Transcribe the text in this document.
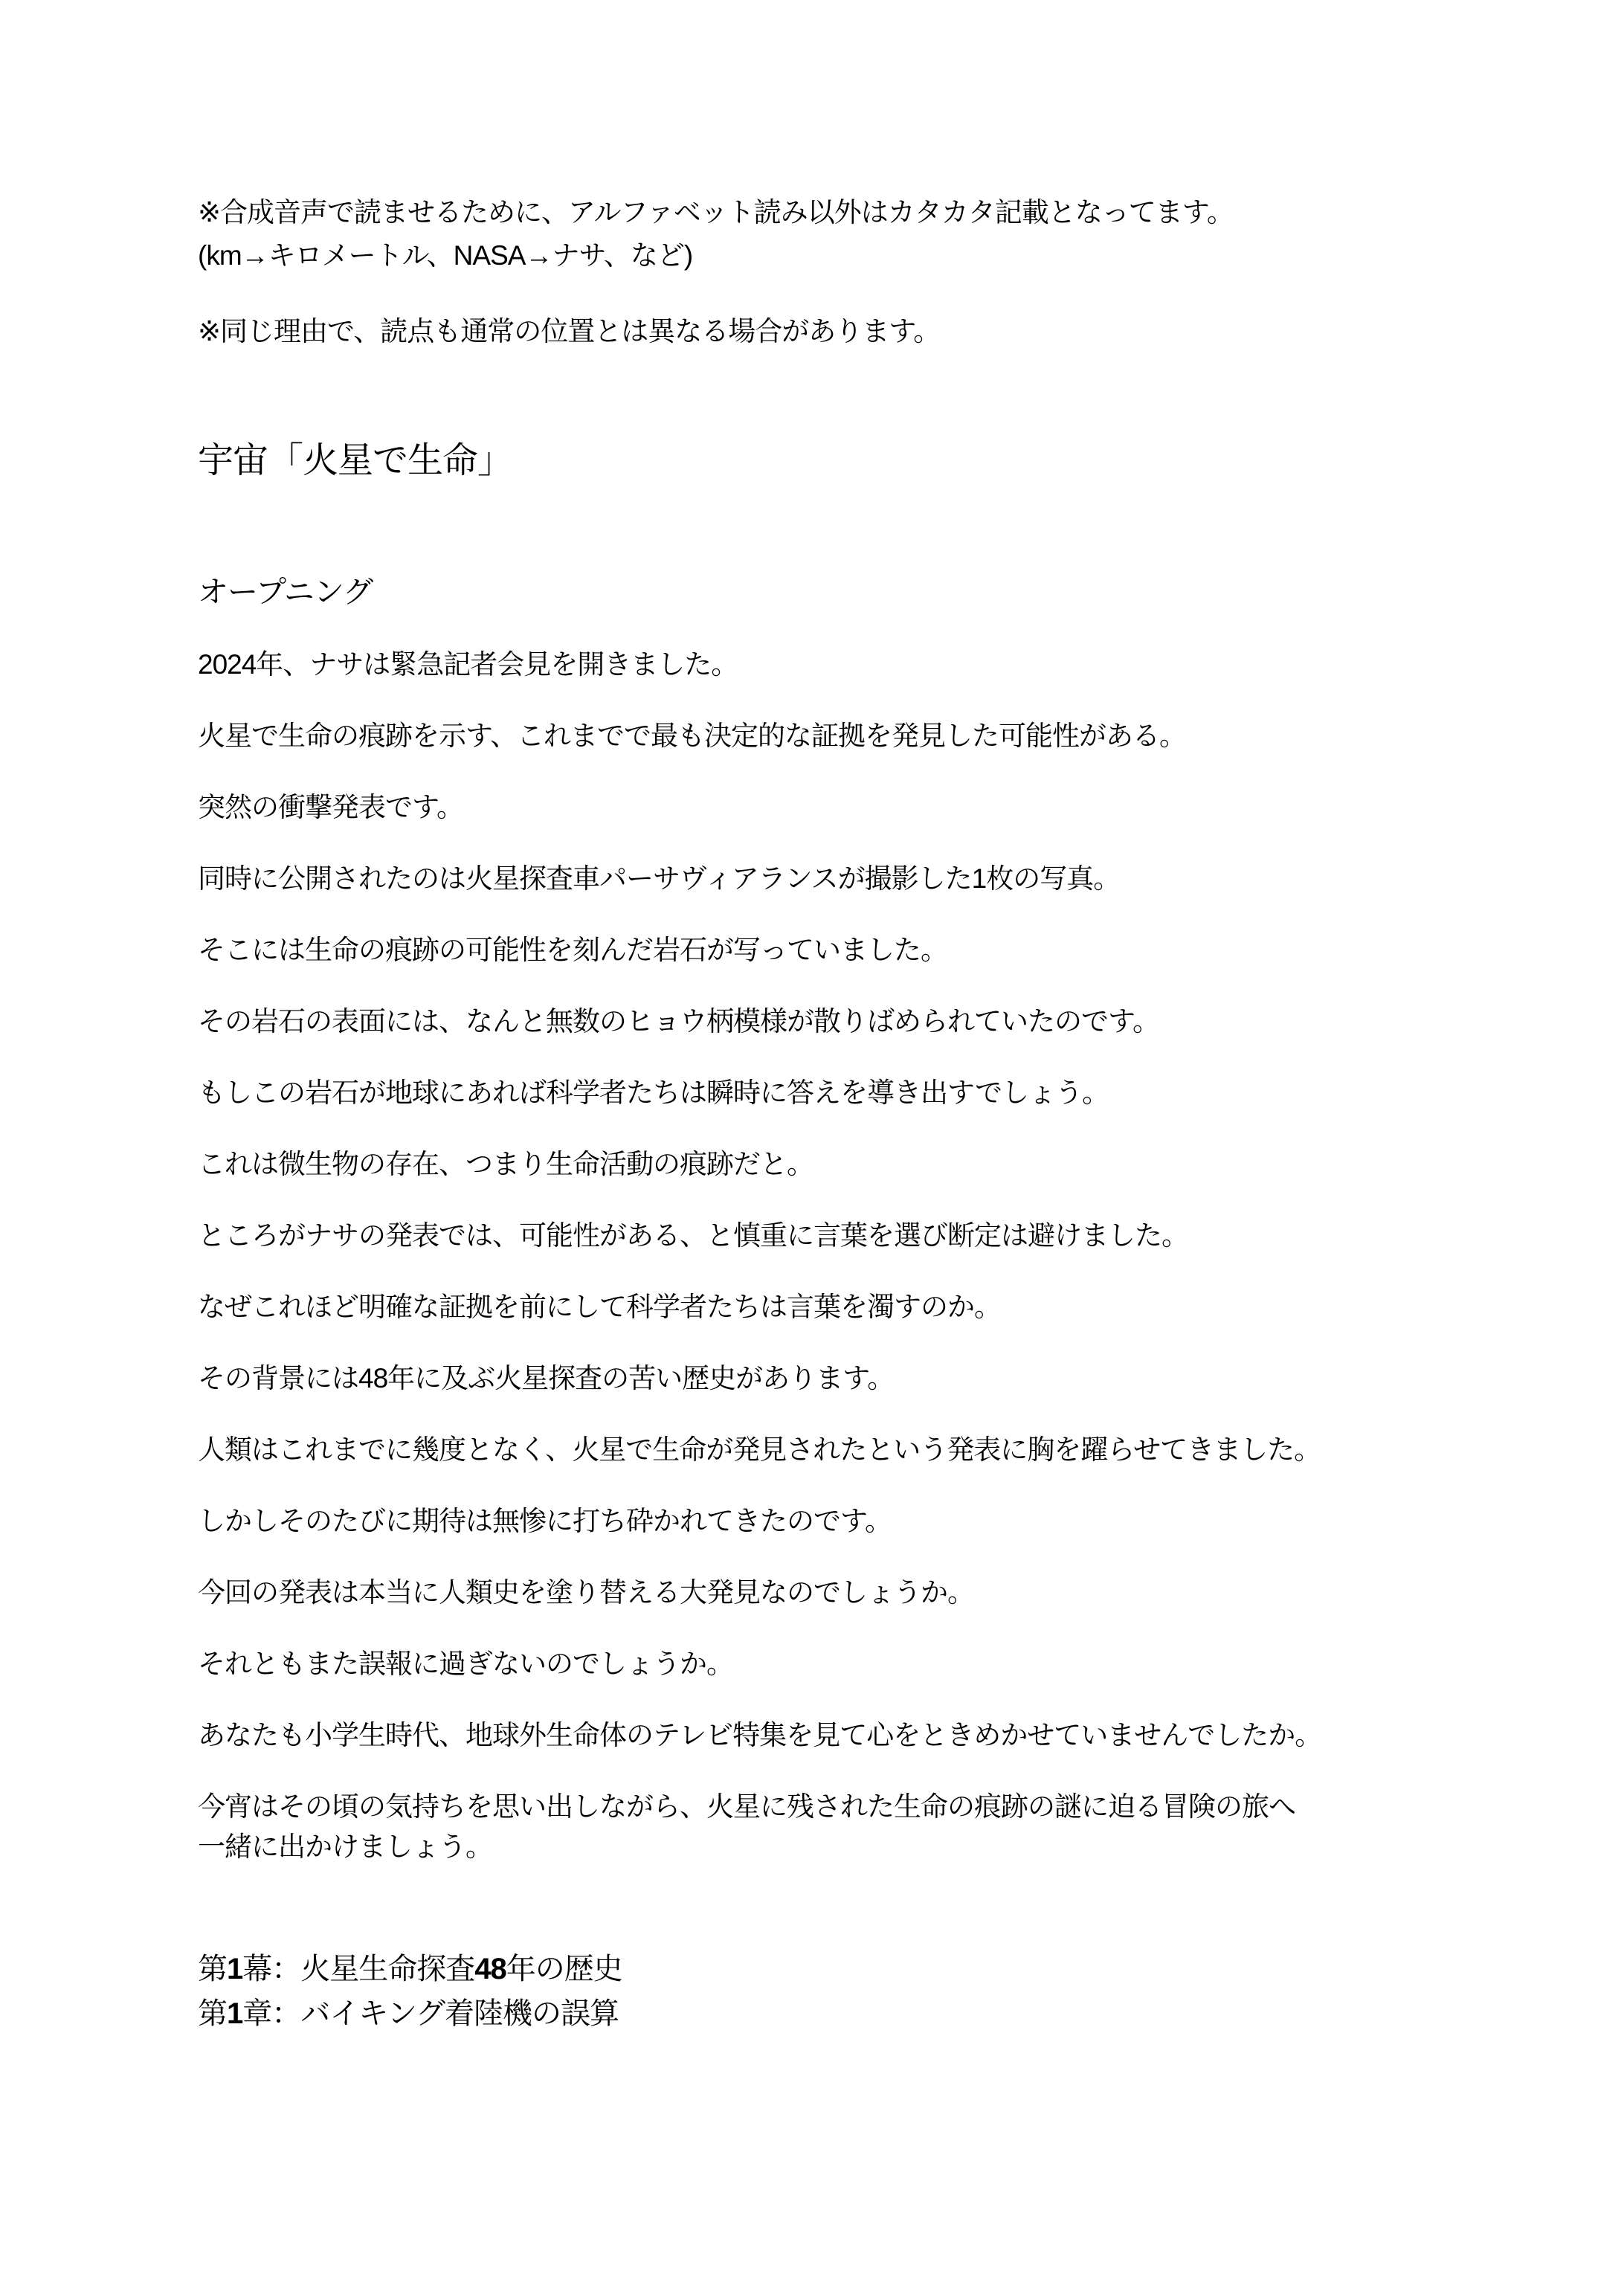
※合成音声で読ませるために、アルファベット読み以外はカタカタ記載となってます。
(km→キロメートル、NASA→ナサ、など)
※同じ理由で、読点も通常の位置とは異なる場合があります。
宇宙「火星で生命」
オープニング
2024年、ナサは緊急記者会見を開きました。
火星で生命の痕跡を示す、これまでで最も決定的な証拠を発見した可能性がある。
突然の衝撃発表です。
同時に公開されたのは火星探査車パーサヴィアランスが撮影した1枚の写真。
そこには生命の痕跡の可能性を刻んだ岩石が写っていました。
その岩石の表面には、なんと無数のヒョウ柄模様が散りばめられていたのです。
もしこの岩石が地球にあれば科学者たちは瞬時に答えを導き出すでしょう。
これは微生物の存在、つまり生命活動の痕跡だと。
ところがナサの発表では、可能性がある、と慎重に言葉を選び断定は避けました。
なぜこれほど明確な証拠を前にして科学者たちは言葉を濁すのか。
その背景には48年に及ぶ火星探査の苦い歴史があります。
人類はこれまでに幾度となく、火星で生命が発見されたという発表に胸を躍らせてきました。
しかしそのたびに期待は無惨に打ち砕かれてきたのです。
今回の発表は本当に人類史を塗り替える大発見なのでしょうか。
それともまた誤報に過ぎないのでしょうか。
あなたも小学生時代、地球外生命体のテレビ特集を見て心をときめかせていませんでしたか。
今宵はその頃の気持ちを思い出しながら、火星に残された生命の痕跡の謎に迫る冒険の旅へ
一緒に出かけましょう。
第1幕：火星生命探査48年の歴史
第1章：バイキング着陸機の誤算
